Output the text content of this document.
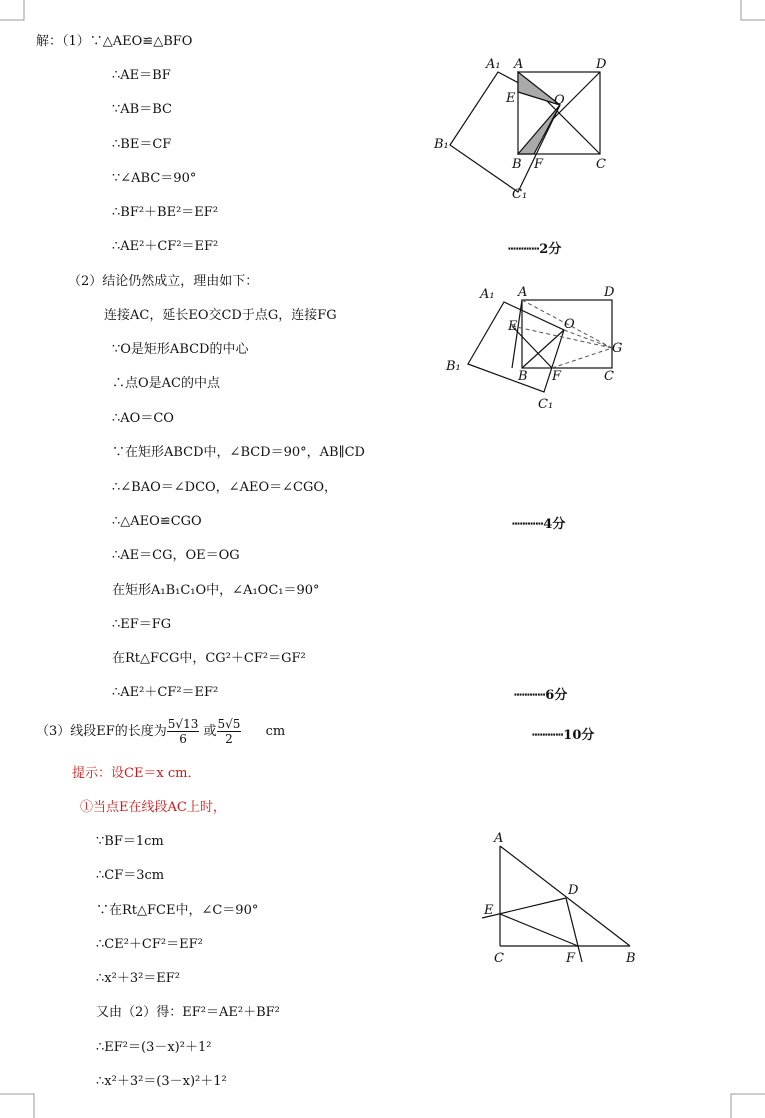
解：（1）∵△AEO≌△BFO
∴AE＝BF
∵AB＝BC
∴BE＝CF
∵∠ABC＝90°
∴BF²＋BE²＝EF²
∴AE²＋CF²＝EF²	┅┅┅┅2分
A₁ A	D
E	O
B₁
B F	C
C₁
（2）结论仍然成立，理由如下：
连接AC，延长EO交CD于点G，连接FG
∵O是矩形ABCD的中心
∴点O是AC的中点
∴AO＝CO
∵在矩形ABCD中，∠BCD＝90°，AB∥CD
∴∠BAO＝∠DCO，∠AEO＝∠CGO，
∴△AEO≌CGO	┅┅┅┅4分
∴AE＝CG，OE＝OG
在矩形A₁B₁C₁O中，∠A₁OC₁＝90°
∴EF＝FG
在Rt△FCG中，CG²＋CF²＝GF²
∴AE²＋CF²＝EF²	┅┅┅┅6分
A₁ A	D
E	O
G
B₁
B F	C
C₁
（3）线段EF的长度为 $\frac{5√13}{6}$ 或 $\frac{5√5}{2}$ cm	┅┅┅┅10分
提示：设CE＝x cm．
①当点E在线段AC上时，
∵BF＝1cm
∴CF＝3cm
∵在Rt△FCE中，∠C＝90°
∴CE²＋CF²＝EF²
∴x²＋3²＝EF²
又由（2）得：EF²＝AE²＋BF²
∴EF²＝(3－x)²＋1²
∴x²＋3²＝(3－x)²＋1²
A
D
E
C	F	B
